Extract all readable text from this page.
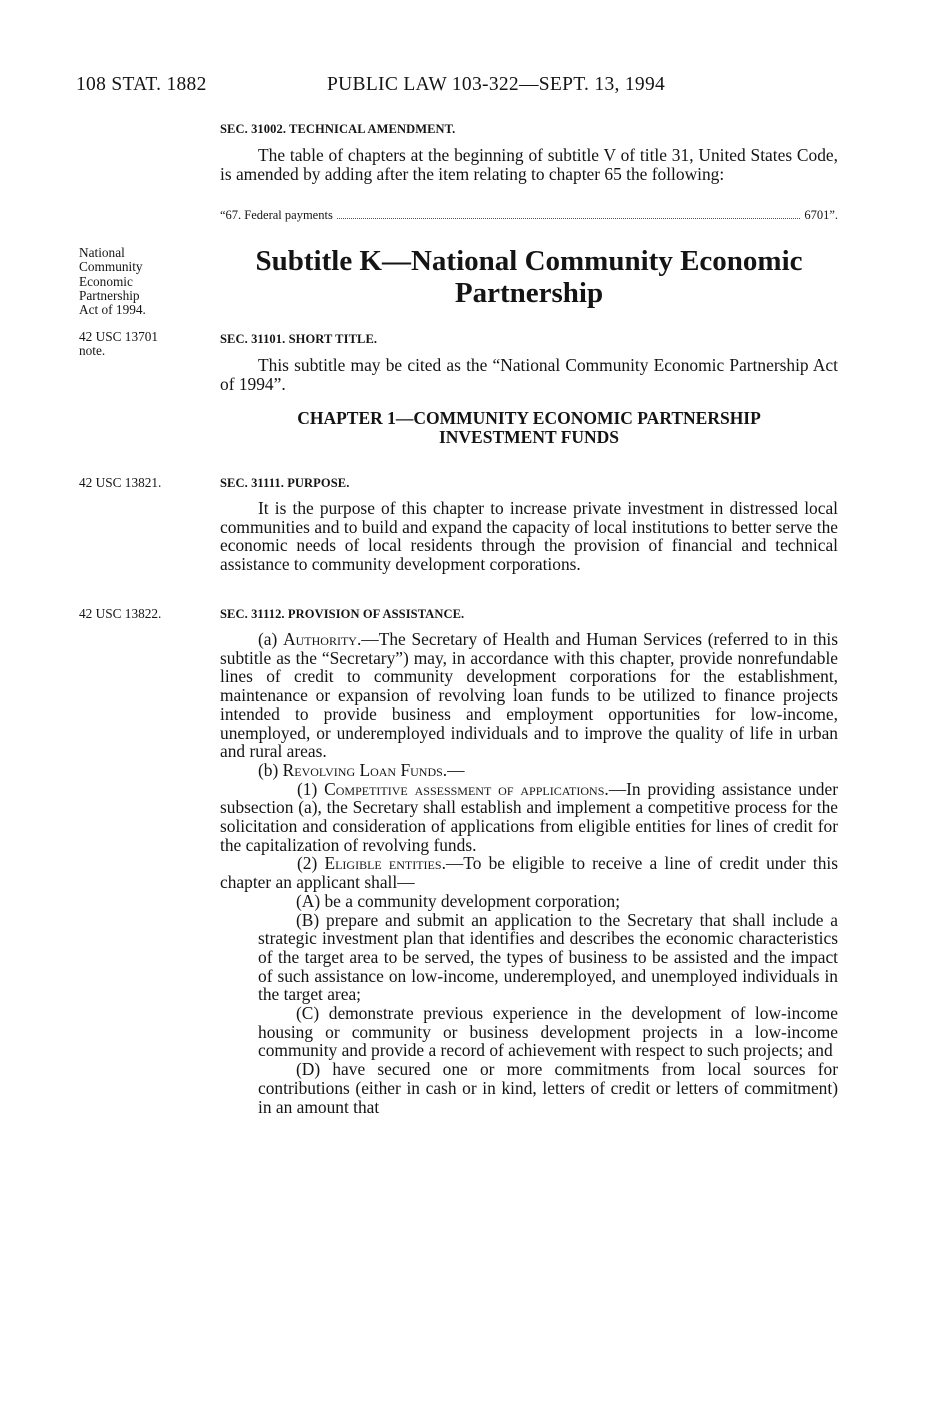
108 STAT. 1882	PUBLIC LAW 103-322—SEPT. 13, 1994
SEC. 31002. TECHNICAL AMENDMENT.
The table of chapters at the beginning of subtitle V of title 31, United States Code, is amended by adding after the item relating to chapter 65 the following:
“67. Federal payments	6701”.
National
Community
Economic
Partnership
Act of 1994.
42 USC 13701
note.
42 USC 13821.
42 USC 13822.
Subtitle K—National Community Economic
Partnership
SEC. 31101. SHORT TITLE.
This subtitle may be cited as the “National Community Economic Partnership Act of 1994”.
CHAPTER 1—COMMUNITY ECONOMIC PARTNERSHIP
INVESTMENT FUNDS
SEC. 31111. PURPOSE.
It is the purpose of this chapter to increase private investment in distressed local communities and to build and expand the capacity of local institutions to better serve the economic needs of local residents through the provision of financial and technical assistance to community development corporations.
SEC. 31112. PROVISION OF ASSISTANCE.
(a) Authority.—The Secretary of Health and Human Services (referred to in this subtitle as the “Secretary”) may, in accordance with this chapter, provide nonrefundable lines of credit to community development corporations for the establishment, maintenance or expansion of revolving loan funds to be utilized to finance projects intended to provide business and employment opportunities for low-income, unemployed, or underemployed individuals and to improve the quality of life in urban and rural areas.
(b) Revolving Loan Funds.—
(1) Competitive assessment of applications.—In providing assistance under subsection (a), the Secretary shall establish and implement a competitive process for the solicitation and consideration of applications from eligible entities for lines of credit for the capitalization of revolving funds.
(2) Eligible entities.—To be eligible to receive a line of credit under this chapter an applicant shall—
(A) be a community development corporation;
(B) prepare and submit an application to the Secretary that shall include a strategic investment plan that identifies and describes the economic characteristics of the target area to be served, the types of business to be assisted and the impact of such assistance on low-income, underemployed, and unemployed individuals in the target area;
(C) demonstrate previous experience in the development of low-income housing or community or business development projects in a low-income community and provide a record of achievement with respect to such projects; and
(D) have secured one or more commitments from local sources for contributions (either in cash or in kind, letters of credit or letters of commitment) in an amount that
